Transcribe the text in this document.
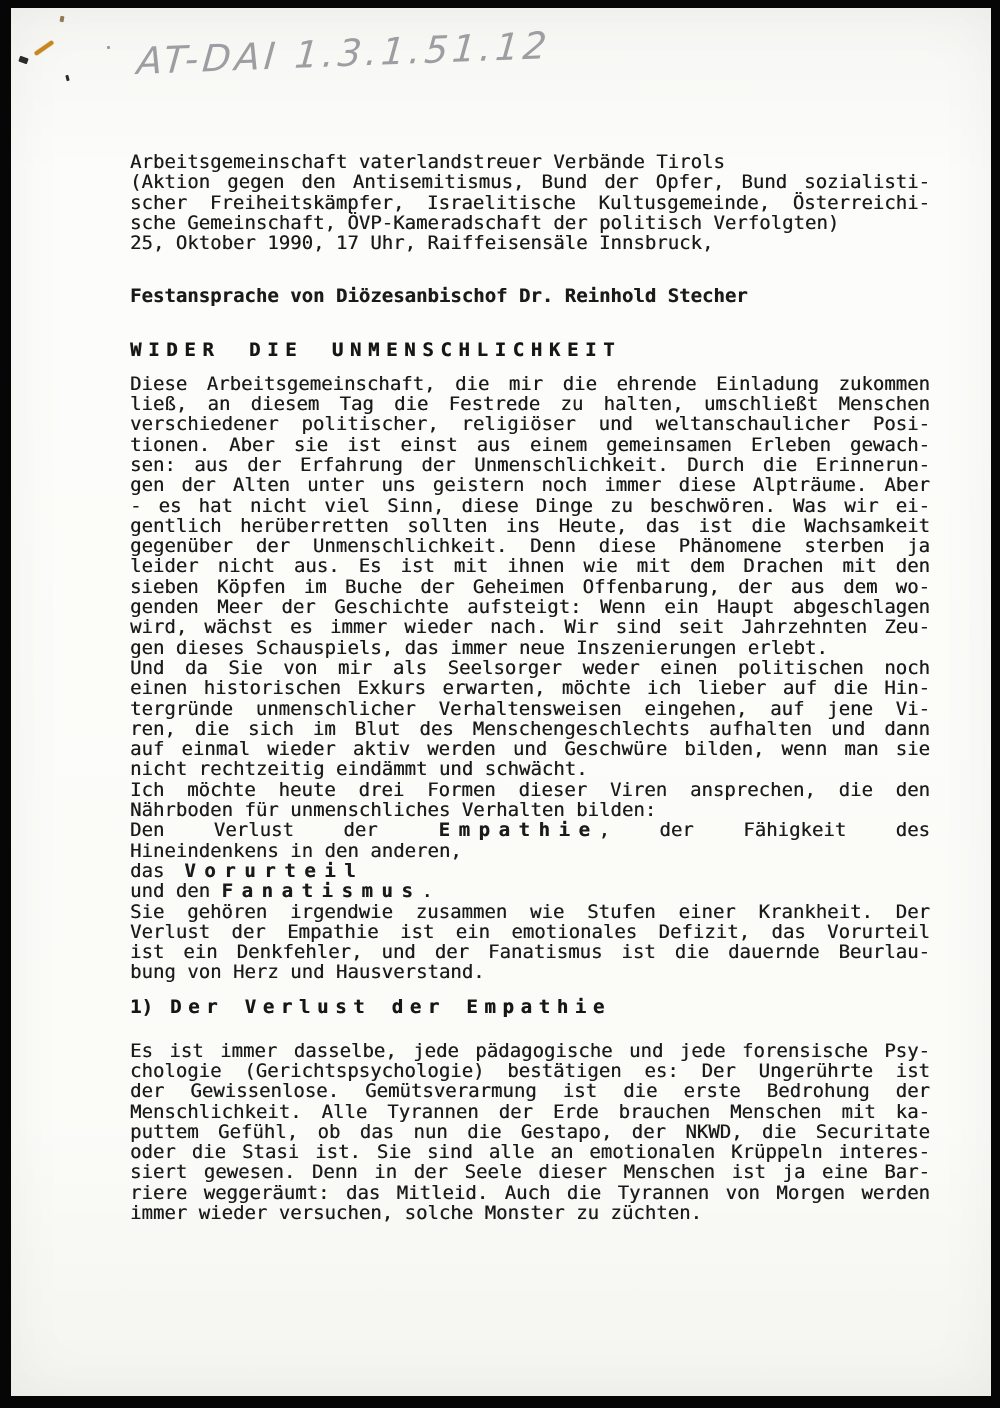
AT-DAI 1.3.1.51.12
Arbeitsgemeinschaft vaterlandstreuer Verbände Tirols
(Aktion gegen den Antisemitismus, Bund der Opfer, Bund sozialisti-
scher Freiheitskämpfer, Israelitische Kultusgemeinde, Österreichi-
sche Gemeinschaft, ÖVP-Kameradschaft der politisch Verfolgten)
25, Oktober 1990, 17 Uhr, Raiffeisensäle Innsbruck,
Festansprache von Diözesanbischof Dr. Reinhold Stecher
WIDER DIE UNMENSCHLICHKEIT
Diese Arbeitsgemeinschaft, die mir die ehrende Einladung zukommen
ließ, an diesem Tag die Festrede zu halten, umschließt Menschen
verschiedener politischer, religiöser und weltanschaulicher Posi-
tionen. Aber sie ist einst aus einem gemeinsamen Erleben gewach-
sen: aus der Erfahrung der Unmenschlichkeit. Durch die Erinnerun-
gen der Alten unter uns geistern noch immer diese Alpträume. Aber
- es hat nicht viel Sinn, diese Dinge zu beschwören. Was wir ei-
gentlich herüberretten sollten ins Heute, das ist die Wachsamkeit
gegenüber der Unmenschlichkeit. Denn diese Phänomene sterben ja
leider nicht aus. Es ist mit ihnen wie mit dem Drachen mit den
sieben Köpfen im Buche der Geheimen Offenbarung, der aus dem wo-
genden Meer der Geschichte aufsteigt: Wenn ein Haupt abgeschlagen
wird, wächst es immer wieder nach. Wir sind seit Jahrzehnten Zeu-
gen dieses Schauspiels, das immer neue Inszenierungen erlebt.
Und da Sie von mir als Seelsorger weder einen politischen noch
einen historischen Exkurs erwarten, möchte ich lieber auf die Hin-
tergründe unmenschlicher Verhaltensweisen eingehen, auf jene Vi-
ren, die sich im Blut des Menschengeschlechts aufhalten und dann
auf einmal wieder aktiv werden und Geschwüre bilden, wenn man sie
nicht rechtzeitig eindämmt und schwächt.
Ich möchte heute drei Formen dieser Viren ansprechen, die den
Nährboden für unmenschliches Verhalten bilden:
Den Verlust der Empathie, der Fähigkeit des
Hineindenkens in den anderen,
das Vorurteil
und den Fanatismus.
Sie gehören irgendwie zusammen wie Stufen einer Krankheit. Der
Verlust der Empathie ist ein emotionales Defizit, das Vorurteil
ist ein Denkfehler, und der Fanatismus ist die dauernde Beurlau-
bung von Herz und Hausverstand.
1) Der Verlust der Empathie
Es ist immer dasselbe, jede pädagogische und jede forensische Psy-
chologie (Gerichtspsychologie) bestätigen es: Der Ungerührte ist
der Gewissenlose. Gemütsverarmung ist die erste Bedrohung der
Menschlichkeit. Alle Tyrannen der Erde brauchen Menschen mit ka-
puttem Gefühl, ob das nun die Gestapo, der NKWD, die Securitate
oder die Stasi ist. Sie sind alle an emotionalen Krüppeln interes-
siert gewesen. Denn in der Seele dieser Menschen ist ja eine Bar-
riere weggeräumt: das Mitleid. Auch die Tyrannen von Morgen werden
immer wieder versuchen, solche Monster zu züchten.
